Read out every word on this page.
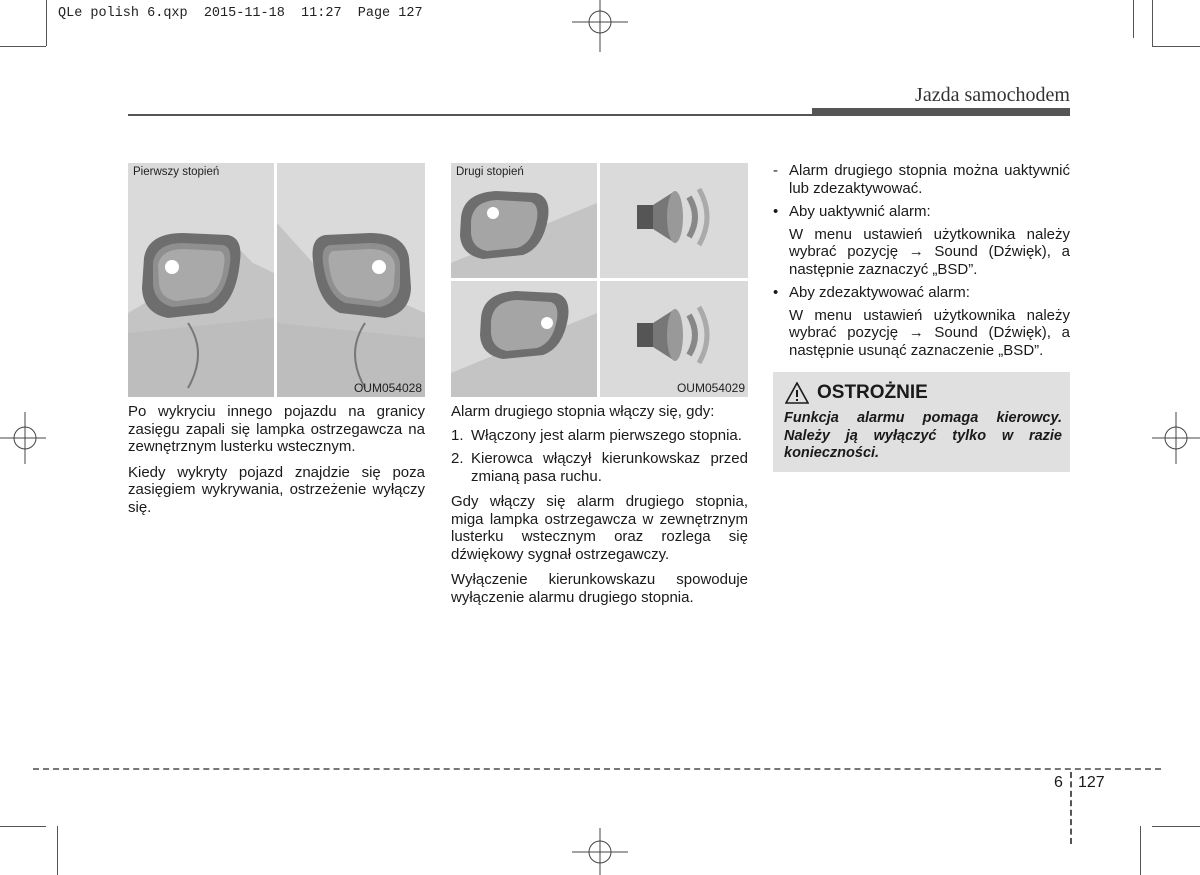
QLe polish 6.qxp  2015-11-18  11:27  Page 127
Jazda samochodem
Pierwszy stopień
OUM054028
Drugi stopień
OUM054029

Po wykryciu innego pojazdu na granicy zasięgu zapali się lampka ostrzegawcza na zewnętrznym lusterku wstecznym.

Kiedy wykryty pojazd znajdzie się poza zasięgiem wykrywania, ostrzeżenie wyłączy się.

Alarm drugiego stopnia włączy się, gdy:

1. Włączony jest alarm pierwszego stopnia.
2. Kierowca włączył kierunkowskaz przed zmianą pasa ruchu.

Gdy włączy się alarm drugiego stopnia, miga lampka ostrzegawcza w zewnętrznym lusterku wstecznym oraz rozlega się dźwiękowy sygnał ostrzegawczy.

Wyłączenie kierunkowskazu spowoduje wyłączenie alarmu drugiego stopnia.

- Alarm drugiego stopnia można uaktywnić lub zdezaktywować.
• Aby uaktywnić alarm:
W menu ustawień użytkownika należy wybrać pozycję → Sound (Dźwięk), a następnie zaznaczyć „BSD”.
• Aby zdezaktywować alarm:
W menu ustawień użytkownika należy wybrać pozycję → Sound (Dźwięk), a następnie usunąć zaznaczenie „BSD”.
OSTROŻNIE
Funkcja alarmu pomaga kierowcy. Należy ją wyłączyć tylko w razie konieczności.
6 127
